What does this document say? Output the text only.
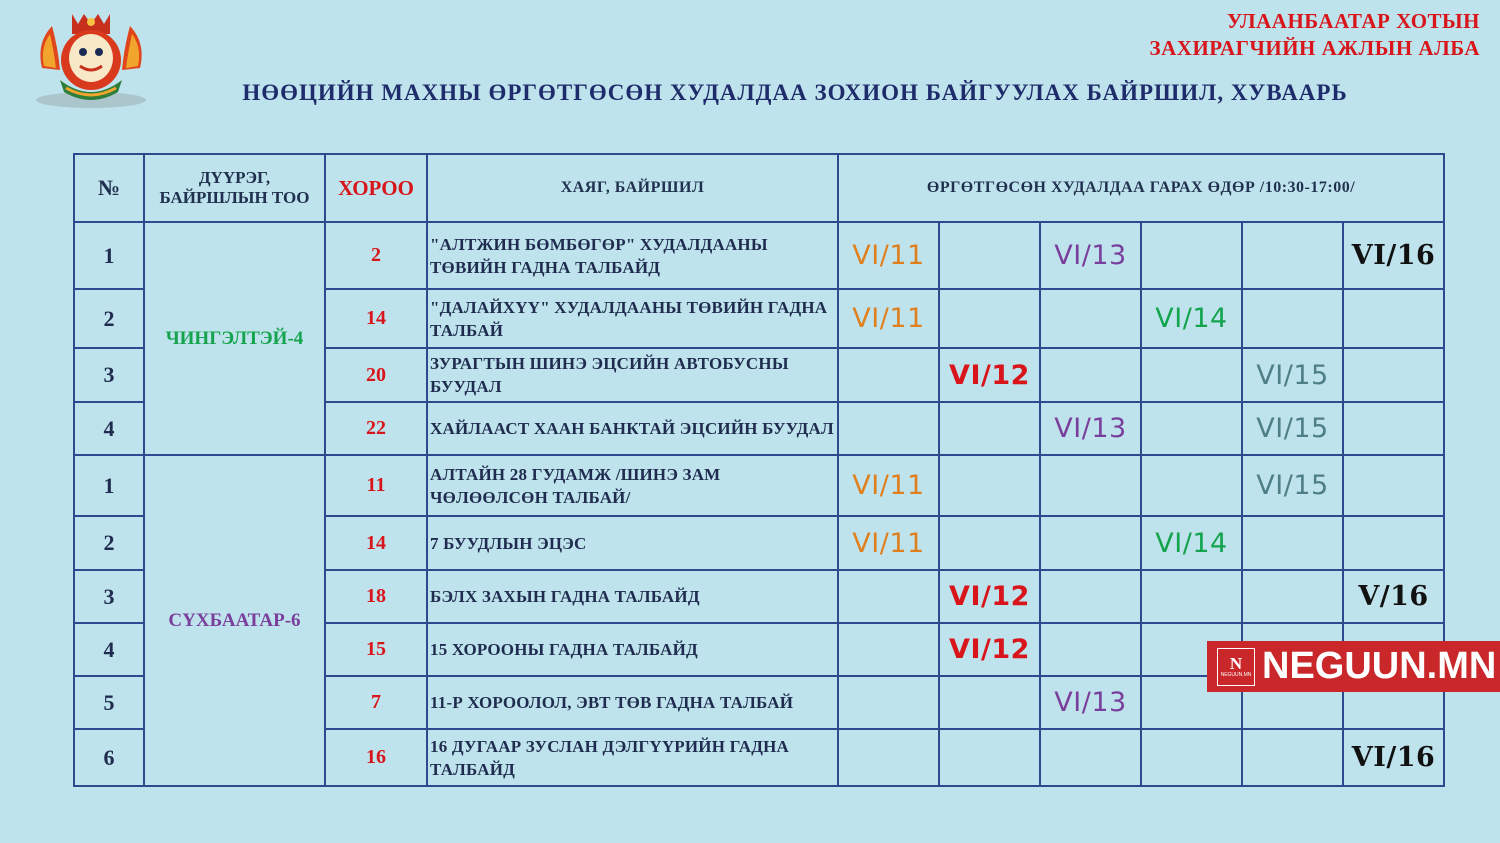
УЛААНБААТАР ХОТЫН
ЗАХИРАГЧИЙН АЖЛЫН АЛБА
НӨӨЦИЙН МАХНЫ ӨРГӨТГӨСӨН ХУДАЛДАА ЗОХИОН БАЙГУУЛАХ БАЙРШИЛ, ХУВААРЬ
№	ДҮҮРЭГ, БАЙРШЛЫН ТОО	ХОРОО	ХАЯГ, БАЙРШИЛ	ӨРГӨТГӨСӨН ХУДАЛДАА ГАРАХ ӨДӨР /10:30-17:00/					
1	ЧИНГЭЛТЭЙ-4	2	"АЛТЖИН БӨМБӨГӨР" ХУДАЛДААНЫ ТӨВИЙН ГАДНА ТАЛБАЙД	VI/11		VI/13			VI/16
2		14	"ДАЛАЙХҮҮ" ХУДАЛДААНЫ ТӨВИЙН ГАДНА ТАЛБАЙ	VI/11			VI/14		
3		20	ЗУРАГТЫН ШИНЭ ЭЦСИЙН АВТОБУСНЫ БУУДАЛ		VI/12			VI/15	
4		22	ХАЙЛААСТ ХААН БАНКТАЙ ЭЦСИЙН БУУДАЛ			VI/13		VI/15	
1	СҮХБААТАР-6	11	АЛТАЙН 28 ГУДАМЖ /ШИНЭ ЗАМ ЧӨЛӨӨЛСӨН ТАЛБАЙ/	VI/11				VI/15	
2		14	7 БУУДЛЫН ЭЦЭС	VI/11			VI/14		
3		18	БЭЛХ ЗАХЫН ГАДНА ТАЛБАЙД		VI/12				V/16
4		15	15 ХОРООНЫ ГАДНА ТАЛБАЙД		VI/12				
5		7	11-Р ХОРООЛОЛ, ЭВТ ТӨВ ГАДНА ТАЛБАЙ			VI/13			
6		16	16 ДУГААР ЗУСЛАН ДЭЛГҮҮРИЙН ГАДНА ТАЛБАЙД						VI/16
N
NEGUUN.MN NEGUUN.MN
